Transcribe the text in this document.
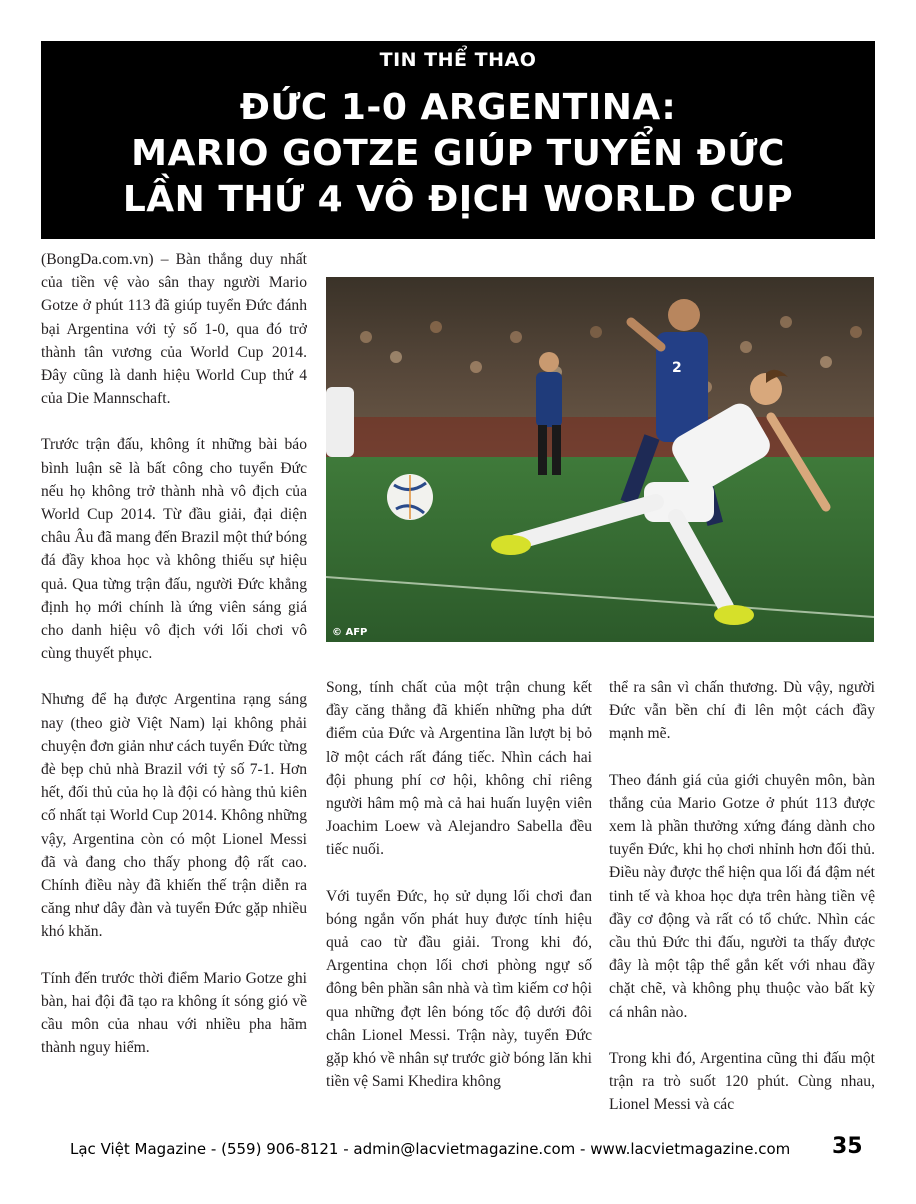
TIN THỂ THAO
ĐỨC 1-0 ARGENTINA:
MARIO GOTZE GIÚP TUYỂN ĐỨC
LẦN THỨ 4 VÔ ĐỊCH WORLD CUP

(BongDa.com.vn) – Bàn thắng duy nhất của tiền vệ vào sân thay người Mario Gotze ở phút 113 đã giúp tuyển Đức đánh bại Argentina với tỷ số 1-0, qua đó trở thành tân vương của World Cup 2014. Đây cũng là danh hiệu World Cup thứ 4 của Die Mannschaft.

Trước trận đấu, không ít những bài báo bình luận sẽ là bất công cho tuyển Đức nếu họ không trở thành nhà vô địch của World Cup 2014. Từ đầu giải, đại diện châu Âu đã mang đến Brazil một thứ bóng đá đầy khoa học và không thiếu sự hiệu quả. Qua từng trận đấu, người Đức khẳng định họ mới chính là ứng viên sáng giá cho danh hiệu vô địch với lối chơi vô cùng thuyết phục.

Nhưng để hạ được Argentina rạng sáng nay (theo giờ Việt Nam) lại không phải chuyện đơn giản như cách tuyển Đức từng đè bẹp chủ nhà Brazil với tỷ số 7-1. Hơn hết, đối thủ của họ là đội có hàng thủ kiên cố nhất tại World Cup 2014. Không những vậy, Argentina còn có một Lionel Messi đã và đang cho thấy phong độ rất cao. Chính điều này đã khiến thế trận diễn ra căng như dây đàn và tuyển Đức gặp nhiều khó khăn.

Tính đến trước thời điểm Mario Gotze ghi bàn, hai đội đã tạo ra không ít sóng gió về cầu môn của nhau với nhiều pha hãm thành nguy hiểm.

2
© AFP

Song, tính chất của một trận chung kết đầy căng thẳng đã khiến những pha dứt điểm của Đức và Argentina lần lượt bị bỏ lỡ một cách rất đáng tiếc. Nhìn cách hai đội phung phí cơ hội, không chỉ riêng người hâm mộ mà cả hai huấn luyện viên Joachim Loew và Alejandro Sabella đều tiếc nuối.

Với tuyển Đức, họ sử dụng lối chơi đan bóng ngắn vốn phát huy được tính hiệu quả cao từ đầu giải. Trong khi đó, Argentina chọn lối chơi phòng ngự số đông bên phần sân nhà và tìm kiếm cơ hội qua những đợt lên bóng tốc độ dưới đôi chân Lionel Messi. Trận này, tuyển Đức gặp khó về nhân sự trước giờ bóng lăn khi tiền vệ Sami Khedira không

thể ra sân vì chấn thương. Dù vậy, người Đức vẫn bền chí đi lên một cách đầy mạnh mẽ.

Theo đánh giá của giới chuyên môn, bàn thắng của Mario Gotze ở phút 113 được xem là phần thưởng xứng đáng dành cho tuyển Đức, khi họ chơi nhỉnh hơn đối thủ. Điều này được thể hiện qua lối đá đậm nét tinh tế và khoa học dựa trên hàng tiền vệ đầy cơ động và rất có tổ chức. Nhìn các cầu thủ Đức thi đấu, người ta thấy được đây là một tập thể gắn kết với nhau đầy chặt chẽ, và không phụ thuộc vào bất kỳ cá nhân nào.

Trong khi đó, Argentina cũng thi đấu một trận ra trò suốt 120 phút. Cùng nhau, Lionel Messi và các

Lạc Việt Magazine - (559) 906-8121 - admin@lacvietmagazine.com - www.lacvietmagazine.com	35
